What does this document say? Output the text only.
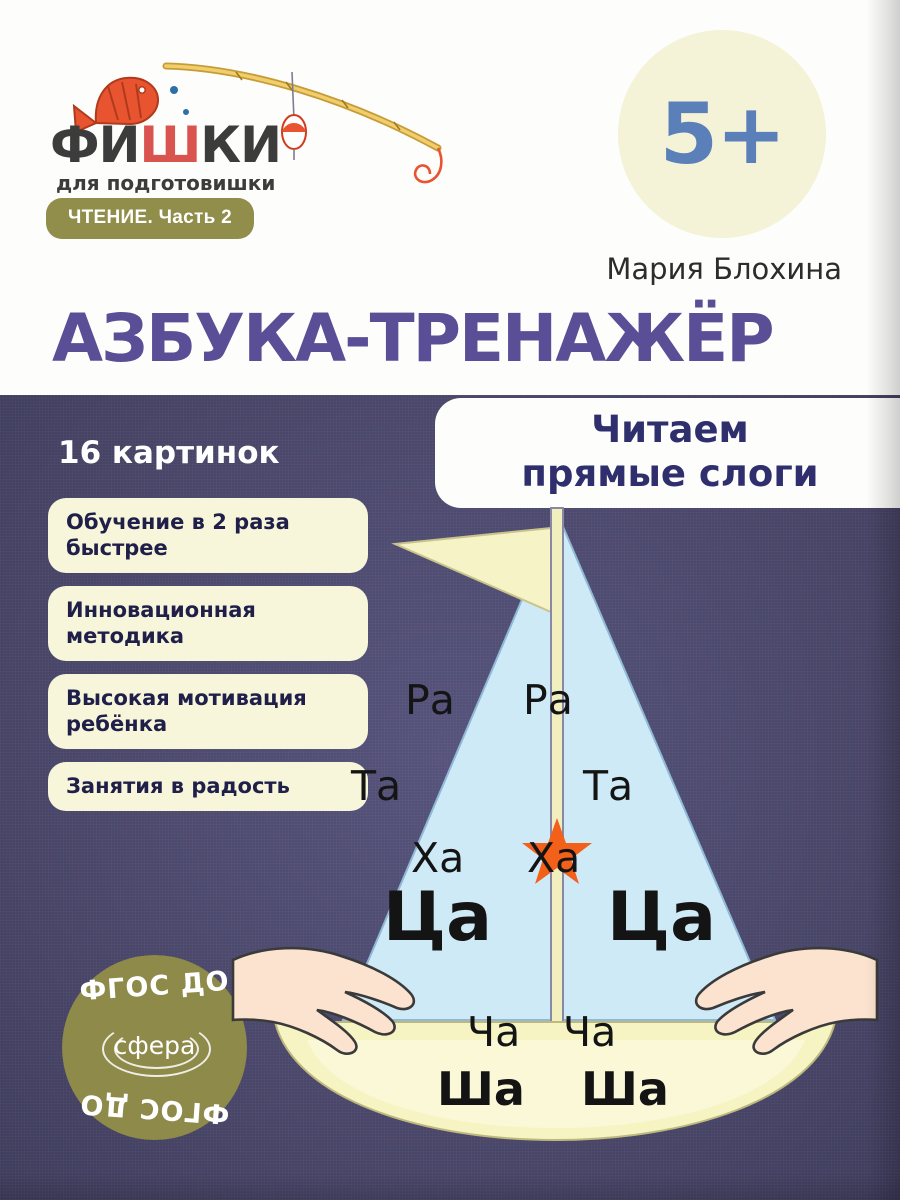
ФИШКИ
для подготовишки
ЧТЕНИЕ. Часть 2
5+
Мария Блохина
АЗБУКА-ТРЕНАЖЁР
Читаем
прямые слоги
16 картинок
Обучение в 2 раза быстрее
Инновационная методика
Высокая мотивация ребёнка
Занятия в радость
ФГОС ДО
сфера
ФГОС ДО
Ра Ра
Та	Та
Ха Ха
Ца Ца
Ча Ча
Ша Ша
